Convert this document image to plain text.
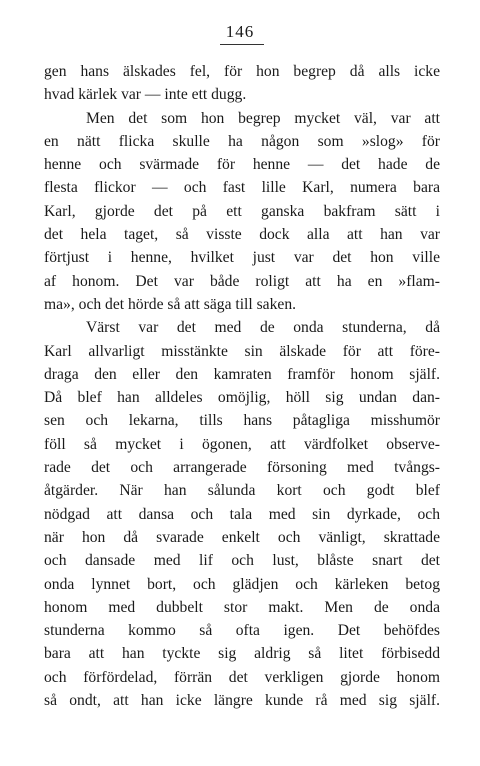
146
gen hans älskades fel, för hon begrep då alls icke
hvad kärlek var — inte ett dugg.
Men det som hon begrep mycket väl, var att
en nätt flicka skulle ha någon som »slog» för
henne och svärmade för henne — det hade de
flesta flickor — och fast lille Karl, numera bara
Karl, gjorde det på ett ganska bakfram sätt i
det hela taget, så visste dock alla att han var
förtjust i henne, hvilket just var det hon ville
af honom. Det var både roligt att ha en »flam-
ma», och det hörde så att säga till saken.
Värst var det med de onda stunderna, då
Karl allvarligt misstänkte sin älskade för att före-
draga den eller den kamraten framför honom själf.
Då blef han alldeles omöjlig, höll sig undan dan-
sen och lekarna, tills hans påtagliga misshumör
föll så mycket i ögonen, att värdfolket observe-
rade det och arrangerade försoning med tvångs-
åtgärder. När han sålunda kort och godt blef
nödgad att dansa och tala med sin dyrkade, och
när hon då svarade enkelt och vänligt, skrattade
och dansade med lif och lust, blåste snart det
onda lynnet bort, och glädjen och kärleken betog
honom med dubbelt stor makt. Men de onda
stunderna kommo så ofta igen. Det behöfdes
bara att han tyckte sig aldrig så litet förbisedd
och förfördelad, förrän det verkligen gjorde honom
så ondt, att han icke längre kunde rå med sig själf.
